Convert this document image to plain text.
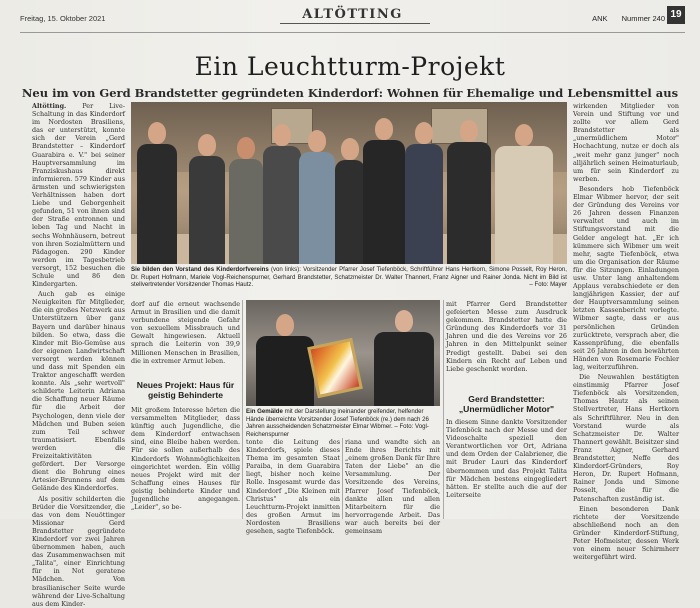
Freitag, 15. Oktober 2021	ALTÖTTING	ANK Nummer 240 19
Ein Leuchtturm-Projekt
Neu im von Gerd Brandstetter gegründeten Kinderdorf: Wohnen für Ehemalige und Lebensmittel aus

Altötting.	Per Live-Schaltung in das Kinderdorf im Nordosten Brasiliens, das er unterstützt, konnte sich der Verein „Gerd Brandstetter – Kinderdorf Guarabira e. V." bei seiner Hauptversammlung im Franziskushaus direkt informieren. 579 Kinder aus ärmsten und schwierigsten Verhältnissen haben dort Liebe und Geborgenheit gefunden, 51 von ihnen sind der Straße entronnen und leben Tag und Nacht in sechs Wohnhäusern, betreut von ihren Sozialmüttern und Pädagogen. 290 Kinder werden im Tagesbetrieb versorgt, 152 besuchen die Schule und 86 den Kindergarten.

Auch gab es einige Neuigkeiten für Mitglieder, die ein großes Netzwerk aus Unterstützern über ganz Bayern und darüber hinaus bilden. So etwa, dass die Kinder mit Bio-Gemüse aus der eigenen Landwirtschaft versorgt werden können und dass mit Spenden ein Traktor angeschafft werden konnte. Als „sehr wertvoll" schilderte Leiterin Adriana die Schaffung neuer Räume für die Arbeit der Psychologen, denn viele der Mädchen und Buben seien zum Teil schwer traumatisiert. Ebenfalls werden die Freizeitaktivitäten gefördert. Der Versorge dient die Bohrung eines Artesier-Brunnens auf dem Gelände des Kinderdorfes.

Als positiv schilderten die Brüder die Vorsitzender, die das von dem Neuöttinger Missionar Gerd Brandstetter gegründete Kinderdorf vor zwei Jahren übernommen haben, auch das Zusammenwachsen mit „Talita", einer Einrichtung für in Not geratene Mädchen. Von brasilianischer Seite wurde während der Live-Schaltung aus dem Kinder-

Sie bilden den Vorstand des Kinderdorfvereins (von links): Vorsitzender Pfarrer Josef Tiefenböck, Schriftführer Hans Hertkorn, Simone Posselt, Roy Heron, Dr. Rupert Hofmann, Mariele Vogl-Reichenspurner, Gerhard Brandstetter, Schatzmeister Dr. Walter Thannert, Franz Aigner und Rainer Jonda. Nicht im Bild ist stellvertretender Vorsitzender Thomas Hautz.	– Foto: Mayer

dorf auf die erneut wachsende Armut in Brasilien und die damit verbundene steigende Gefahr von sexuellem Missbrauch und Gewalt hingewiesen. Aktuell sprach die Leiterin von 39,9 Millionen Menschen in Brasilien, die in extremer Armut leben.

Neues Projekt: Haus für geistig Behinderte

Mit großem Interesse hörten die versammelten Mitglieder, dass künftig auch Jugendliche, die dem Kinderdorf entwachsen sind, eine Bleibe haben werden. Für sie sollen außerhalb des Kinderdorfs Wohnmöglichkeiten eingerichtet werden. Ein völlig neues Projekt wird mit der Schaffung eines Hauses für geistig behinderte Kinder und Jugendliche angegangen. „Leider", so be-

Ein Gemälde mit der Darstellung ineinander greifender, helfender Hände überreichte Vorsitzender Josef Tiefenböck (re.) dem nach 26 Jahren ausscheidenden Schatzmeister Elmar Wibmer. – Foto: Vogl-Reichenspurner

tonte die Leitung des Kinderdorfs, spiele dieses Thema im gesamten Staat Paraiba, in dem Guarabira liegt, bisher noch keine Rolle. Insgesamt wurde das Kinderdorf „Die Kleinen mit Christus" als ein Leuchtturm-Projekt inmitten des großen Armut im Nordosten Brasiliens gesehen, sagte Tiefenböck.

riana und wandte sich an Ende ihres Berichts mit „einem großen Dank für Ihre Taten der Liebe" an die Versammlung. Der Vorsitzende des Vereins, Pfarrer Josef Tiefenböck, dankte allen und allen Mitarbeitern für die hervorragende Arbeit. Das war auch bereits bei der gemeinsam

mit Pfarrer Gerd Brandstetter gefeierten Messe zum Ausdruck gekommen. Brandstetter hatte die Gründung des Kinderdorfs vor 31 Jahren und die des Vereins vor 26 Jahren in den Mittelpunkt seiner Predigt gestellt. Dabei sei den Kindern ein Recht auf Leben und Liebe geschenkt worden.

Gerd Brandstetter: „Unermüdlicher Motor"

In diesem Sinne dankte Vorsitzender Tiefenböck nach der Messe und der Videoschalte speziell den Verantwortlichen vor Ort, Adriana und dem Orden der Calabriener, die mit Bruder Lauri das Kinderdorf übernommen und das Projekt Talita für Mädchen bestens eingegliedert hätten. Er stellte auch die auf der Leiterseite

wirkenden Mitglieder von Verein und Stiftung vor und zollte vor allem Gerd Brandstetter als „unermüdlichem Motor" Hochachtung, nutze er doch als „weit mehr ganz junger" noch alljährlich seinen Heimaturlaub, um für sein Kinderdorf zu werben.

Besonders hob Tiefenböck Elmar Wibmer hervor, der seit der Gründung des Vereins vor 26 Jahren dessen Finanzen verwaltet und auch im Stiftungsvorstand mit die Gelder angelegt hat. „Er ich kümmere sich Wibmer um weit mehr, sagte Tiefenböck, etwa um die Organisation der Räume für die Sitzungen. Einladungen usw. Unter lang anhaltendem Applaus verabschiedete er den langjährigen Kassier, der auf der Hauptversammlung seinen letzten Kassenbericht vorlegte. Wibmer sagte, dass er aus persönlichen Gründen zurücktrete, versprach aber, die Kassenprüfung, die ebenfalls seit 26 Jahren in den bewährten Händen von Rosemarie Fochler lag, weiterzuführen.

Die Neuwahlen bestätigten einstimmig Pfarrer Josef Tiefenböck als Vorsitzenden, Thomas Hautz als seinen Stellvertreter, Hans Hertkorn als Schriftführer. Neu in den Vorstand wurde als Schatzmeister Dr. Walter Thannert gewählt. Beisitzer sind Franz Aigner, Gerhard Brandstetter, Neffe des Kinderdorf-Gründers, Roy Heron, Dr. Rupert Hofmann, Rainer Jonda und Simone Posselt, die für die Patenschaften zuständig ist.

Einen besonderen Dank richtete der Vorsitzende abschließend noch an den Gründer Kinderdorf-Stiftung, Peter Hofmeister, dessen Werk von einem neuer Schirmherr weitergeführt wird.
